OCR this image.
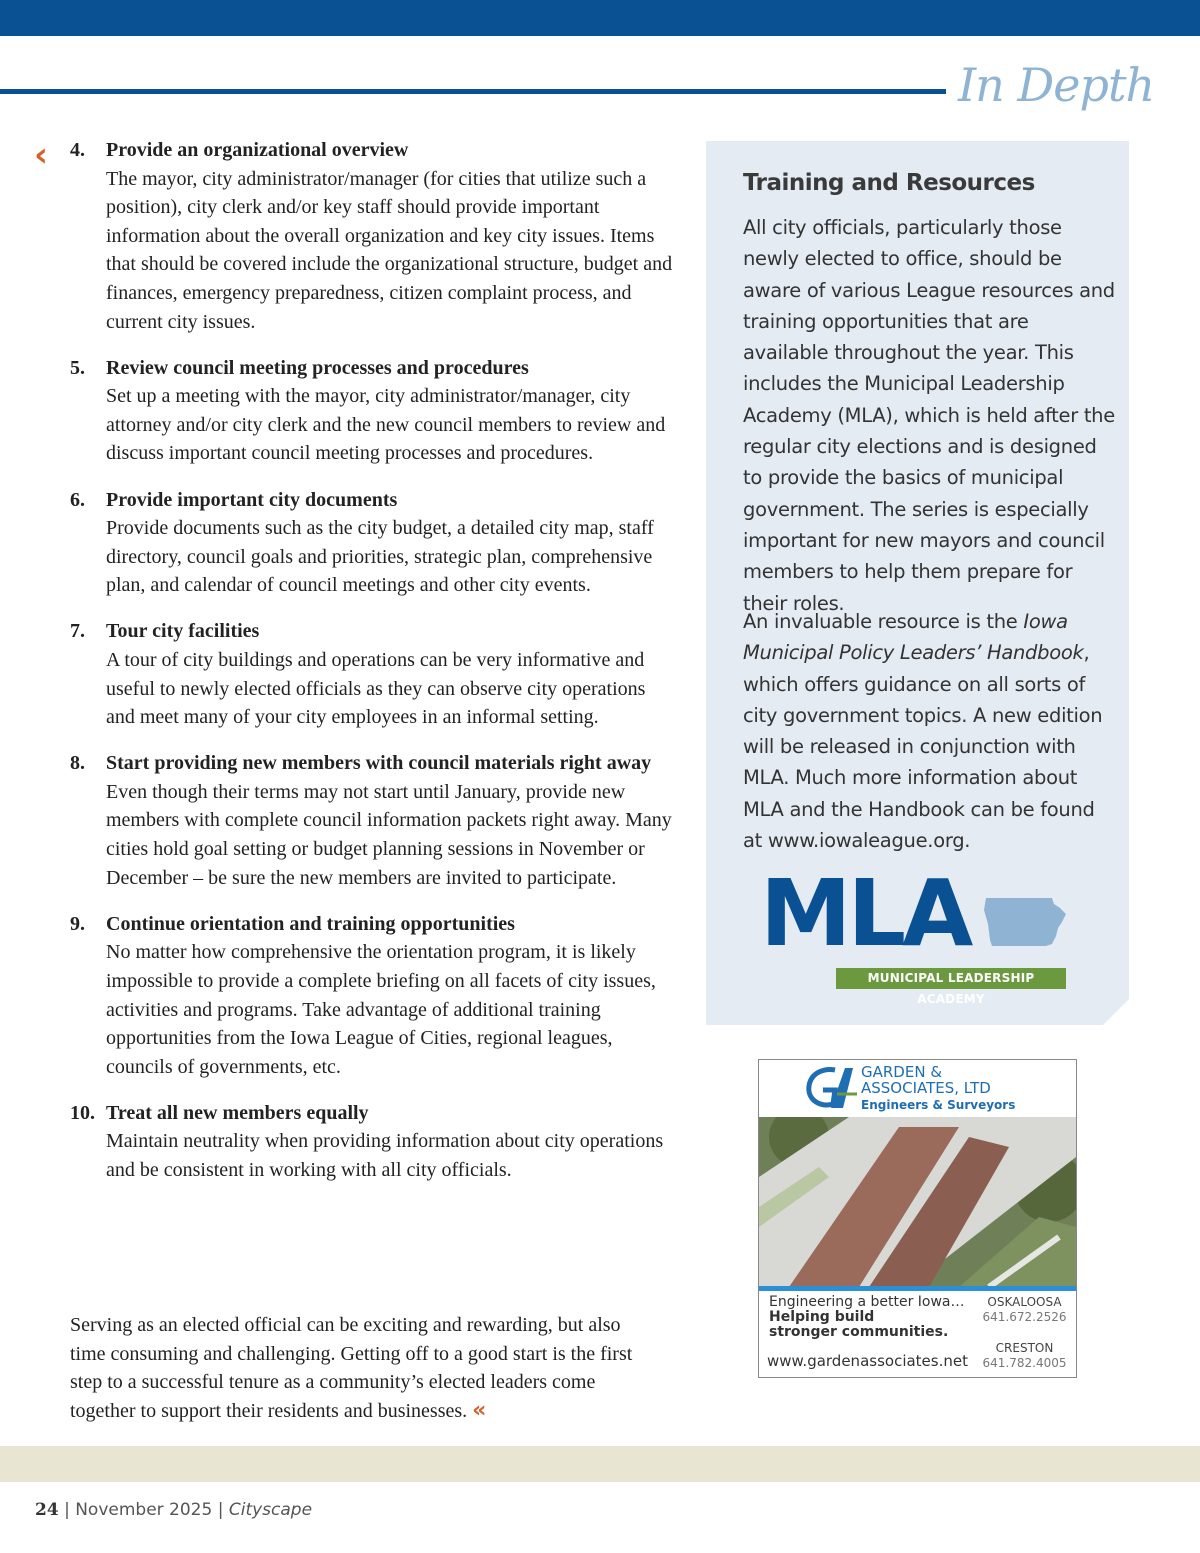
In Depth
‹ 4. Provide an organizational overview
The mayor, city administrator/manager (for cities that utilize such a position), city clerk and/or key staff should provide important information about the overall organization and key city issues. Items that should be covered include the organizational structure, budget and finances, emergency preparedness, citizen complaint process, and current city issues.
5. Review council meeting processes and procedures
Set up a meeting with the mayor, city administrator/manager, city attorney and/or city clerk and the new council members to review and discuss important council meeting processes and procedures.
6. Provide important city documents
Provide documents such as the city budget, a detailed city map, staff directory, council goals and priorities, strategic plan, comprehensive plan, and calendar of council meetings and other city events.
7. Tour city facilities
A tour of city buildings and operations can be very informative and useful to newly elected officials as they can observe city operations and meet many of your city employees in an informal setting.
8. Start providing new members with council materials right away
Even though their terms may not start until January, provide new members with complete council information packets right away. Many cities hold goal setting or budget planning sessions in November or December – be sure the new members are invited to participate.
9. Continue orientation and training opportunities
No matter how comprehensive the orientation program, it is likely impossible to provide a complete briefing on all facets of city issues, activities and programs. Take advantage of additional training opportunities from the Iowa League of Cities, regional leagues, councils of governments, etc.
10. Treat all new members equally
Maintain neutrality when providing information about city operations and be consistent in working with all city officials.

Serving as an elected official can be exciting and rewarding, but also time consuming and challenging. Getting off to a good start is the first step to a successful tenure as a community’s elected leaders come together to support their residents and businesses. «

Training and Resources

All city officials, particularly those newly elected to office, should be aware of various League resources and training opportunities that are available throughout the year. This includes the Municipal Leadership Academy (MLA), which is held after the regular city elections and is designed to provide the basics of municipal government. The series is especially important for new mayors and council members to help them prepare for their roles.

An invaluable resource is the Iowa Municipal Policy Leaders’ Handbook, which offers guidance on all sorts of city government topics. A new edition will be released in conjunction with MLA. Much more information about MLA and the Handbook can be found at www.iowaleague.org.

MLA
MUNICIPAL LEADERSHIP ACADEMY
GARDEN &
ASSOCIATES, LTD
Engineers & Surveyors
Engineering a better Iowa…
Helping build
stronger communities.
www.gardenassociates.net
OSKALOOSA
641.672.2526
CRESTON
641.782.4005
24 | November 2025 | Cityscape
